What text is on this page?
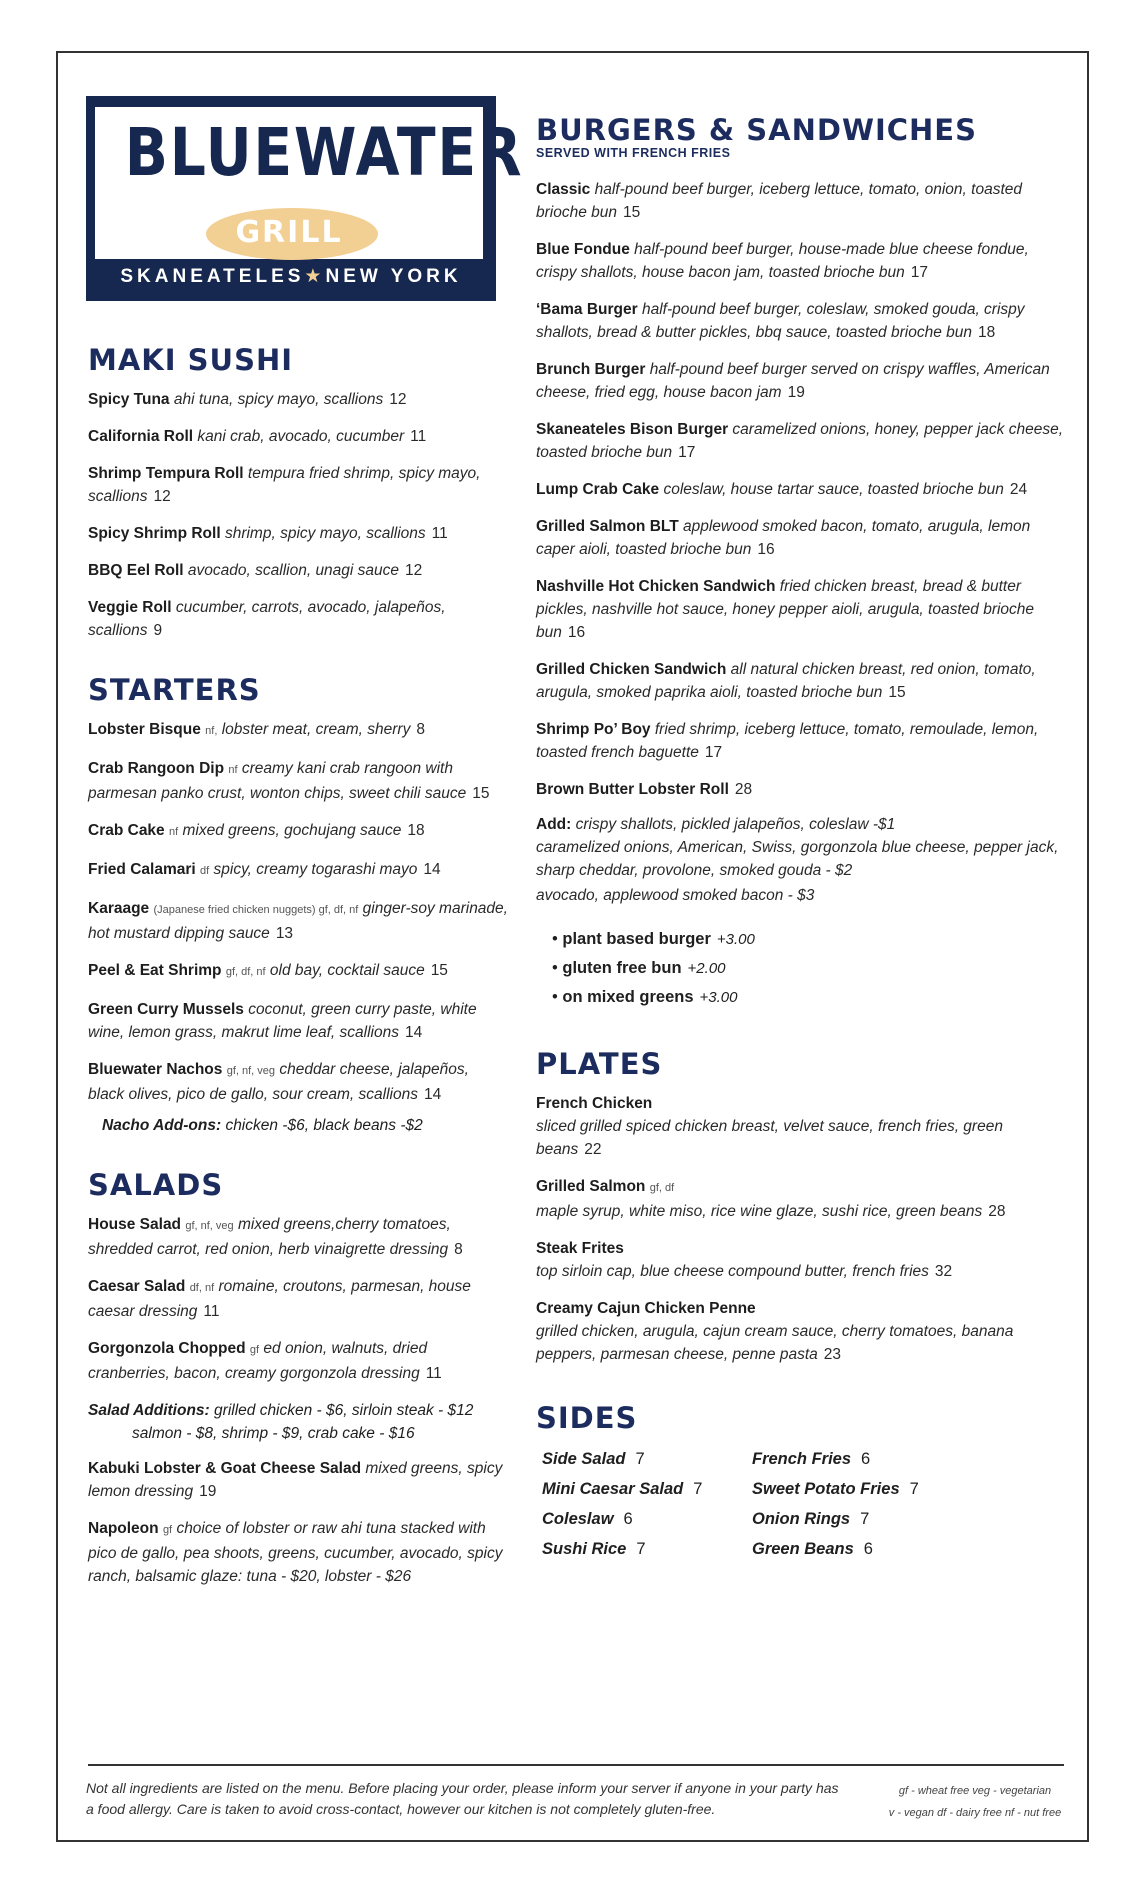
BLUEWATER
GRILL
SKANEATELES★NEW YORK
MAKI SUSHI
Spicy Tuna ahi tuna, spicy mayo, scallions 12
California Roll kani crab, avocado, cucumber 11
Shrimp Tempura Roll tempura fried shrimp, spicy mayo, scallions 12
Spicy Shrimp Roll shrimp, spicy mayo, scallions 11
BBQ Eel Roll avocado, scallion, unagi sauce 12
Veggie Roll cucumber, carrots, avocado, jalapeños, scallions 9
STARTERS
Lobster Bisque nf, lobster meat, cream, sherry 8
Crab Rangoon Dip nf creamy kani crab rangoon with parmesan panko crust, wonton chips, sweet chili sauce 15
Crab Cake nf mixed greens, gochujang sauce 18
Fried Calamari df spicy, creamy togarashi mayo 14
Karaage (Japanese fried chicken nuggets) gf, df, nf ginger-soy marinade, hot mustard dipping sauce 13
Peel & Eat Shrimp gf, df, nf old bay, cocktail sauce 15
Green Curry Mussels coconut, green curry paste, white wine, lemon grass, makrut lime leaf, scallions 14
Bluewater Nachos gf, nf, veg cheddar cheese, jalapeños, black olives, pico de gallo, sour cream, scallions 14
Nacho Add-ons: chicken -$6, black beans -$2
SALADS
House Salad gf, nf, veg mixed greens,cherry tomatoes, shredded carrot, red onion, herb vinaigrette dressing 8
Caesar Salad df, nf romaine, croutons, parmesan, house caesar dressing 11
Gorgonzola Chopped gf ed onion, walnuts, dried cranberries, bacon, creamy gorgonzola dressing 11
Salad Additions: grilled chicken - $6, sirloin steak - $12
salmon - $8, shrimp - $9, crab cake - $16
Kabuki Lobster & Goat Cheese Salad mixed greens, spicy lemon dressing 19
Napoleon gf choice of lobster or raw ahi tuna stacked with pico de gallo, pea shoots, greens, cucumber, avocado, spicy ranch, balsamic glaze: tuna - $20, lobster - $26
BURGERS & SANDWICHES
SERVED WITH FRENCH FRIES
Classic half-pound beef burger, iceberg lettuce, tomato, onion, toasted brioche bun 15
Blue Fondue half-pound beef burger, house-made blue cheese fondue, crispy shallots, house bacon jam, toasted brioche bun 17
‘Bama Burger half-pound beef burger, coleslaw, smoked gouda, crispy shallots, bread & butter pickles, bbq sauce, toasted brioche bun 18
Brunch Burger half-pound beef burger served on crispy waffles, American cheese, fried egg, house bacon jam 19
Skaneateles Bison Burger caramelized onions, honey, pepper jack cheese, toasted brioche bun 17
Lump Crab Cake coleslaw, house tartar sauce, toasted brioche bun 24
Grilled Salmon BLT applewood smoked bacon, tomato, arugula, lemon caper aioli, toasted brioche bun 16
Nashville Hot Chicken Sandwich fried chicken breast, bread & butter pickles, nashville hot sauce, honey pepper aioli, arugula, toasted brioche bun 16
Grilled Chicken Sandwich all natural chicken breast, red onion, tomato, arugula, smoked paprika aioli, toasted brioche bun 15
Shrimp Po’ Boy fried shrimp, iceberg lettuce, tomato, remoulade, lemon, toasted french baguette 17
Brown Butter Lobster Roll 28
Add: crispy shallots, pickled jalapeños, coleslaw -$1
caramelized onions, American, Swiss, gorgonzola blue cheese, pepper jack, sharp cheddar, provolone, smoked gouda - $2
avocado, applewood smoked bacon - $3
• plant based burger +3.00
• gluten free bun +2.00
• on mixed greens +3.00
PLATES
French Chicken
sliced grilled spiced chicken breast, velvet sauce, french fries, green beans 22
Grilled Salmon gf, df
maple syrup, white miso, rice wine glaze, sushi rice, green beans 28
Steak Frites
top sirloin cap, blue cheese compound butter, french fries 32
Creamy Cajun Chicken Penne
grilled chicken, arugula, cajun cream sauce, cherry tomatoes, banana peppers, parmesan cheese, penne pasta 23
SIDES
Side Salad 7	French Fries 6
Mini Caesar Salad 7	Sweet Potato Fries 7
Coleslaw 6	Onion Rings 7
Sushi Rice 7	Green Beans 6
Not all ingredients are listed on the menu. Before placing your order, please inform your server if anyone in your party has a food allergy. Care is taken to avoid cross-contact, however our kitchen is not completely gluten-free.
gf - wheat free veg - vegetarian
v - vegan df - dairy free nf - nut free
